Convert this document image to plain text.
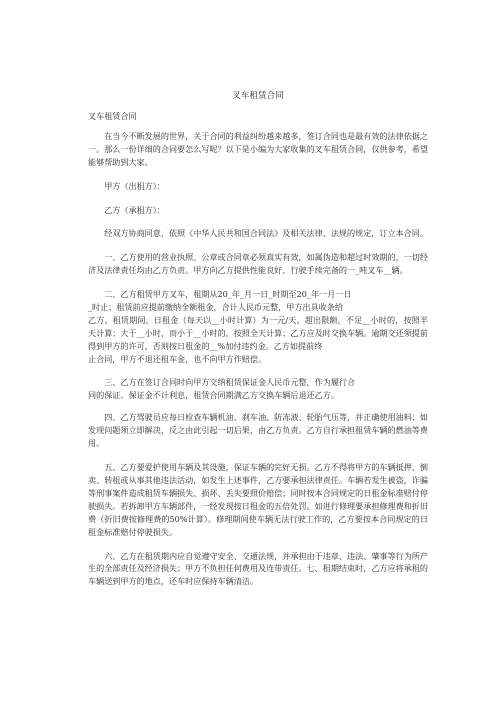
叉车租赁合同

叉车租赁合同

在当今不断发展的世界，关于合同的利益纠纷越来越多，签订合同也是最有效的法律依据之一。那么一份详细的合同要怎么写呢？以下是小编为大家收集的叉车租赁合同，仅供参考，希望能够帮助到大家。

甲方（出租方）：

乙方（承租方）：

经双方协商同意，依照《中华人民共和国合同法》及相关法律、法规的规定，订立本合同。

一、乙方使用的营业执照、公章或合同章必须真实有效，如属伪造和超过时效期的，一切经济及法律责任均由乙方负责。甲方向乙方提供性能良好、行驶手续完备的一_吨叉车__辆。

二、乙方租赁甲方叉车，租期从20_年_月一日_时期至20_年一月一日
_时止；租赁前应提前缴纳全额租金，合计人民币元整，甲方出具收条给
乙方。租赁期间，日租金（每天以__小时计算）为一元/天。超出限额，不足__小时的，按照半天计算；大于__小时，而小于__小时的，按照全天计算；乙方应及时交换车辆。逾期交还须提前得到甲方的许可，否则按日租金的__%加付违约金。乙方如提前终
止合同，甲方不退还租车金，也不向甲方作赔偿。

三、乙方在签订合同时向甲方交纳租赁保证金人民币元整，作为履行合
同的保证。保证金不计利息，租赁合同期满乙方交换车辆后退还乙方。

四、乙方驾驶员应每日检查车辆机油、刹车油、防冻液、轮胎气压等，并正确使用油料；如发现问题须立即解决，反之由此引起一切后果，由乙方负责。乙方自行承担租赁车辆的燃油等费用。

五、乙方要爱护使用车辆及其设施，保证车辆的完好无损。乙方不得将甲方的车辆抵押、倒卖、转租或从事其他违法活动，如发生上述事件，乙方要承担法律责任。车辆若发生被盗，诈骗等刑事案件造成租赁车辆损失、损坏、丢失要照价赔偿；同时按本合同规定的日租金标准赔付停驶损失。若拆卸甲方车辆部件，一经发现按日租金的五倍处罚。如进行修理要承担修理费和折旧费（折旧费按修理费的50%计算）。修理期间使车辆无法行驶工作的，乙方要按本合同规定的日租金标准赔付停驶损失。

六、乙方在租赁期内应自觉遵守安全、交通法规，并承担由于违章、违法、肇事等行为所产生的全部责任及经济损失；甲方不负担任何费用及连带责任。七、租期结束时，乙方应将承租的车辆送到甲方的地点，还车时应保持车辆清洁。
